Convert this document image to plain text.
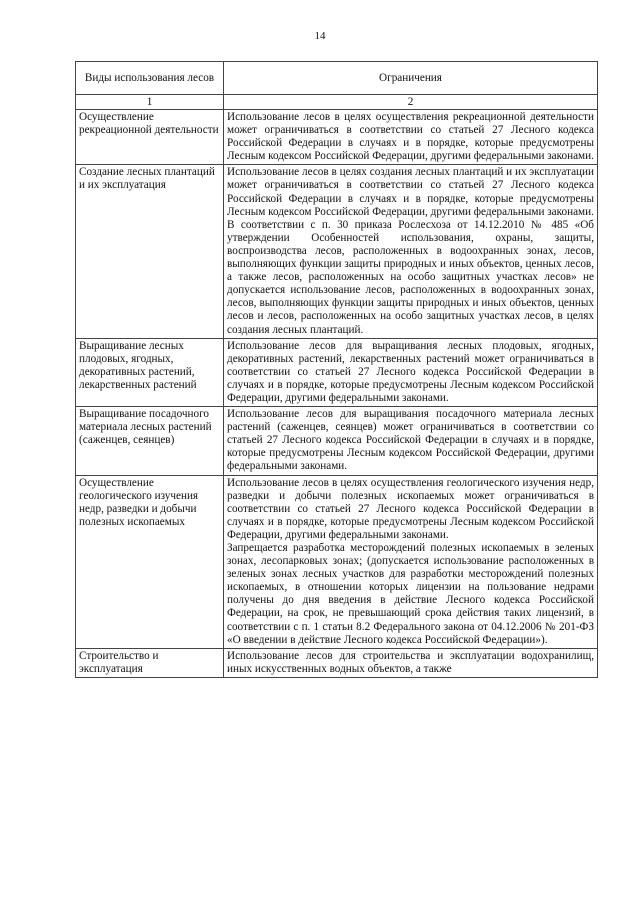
14
Виды использования лесов	Ограничения
1	2
Осуществление рекреационной деятельности	Использование лесов в целях осуществления рекреационной деятельности может ограничиваться в соответствии со статьей 27 Лесного кодекса Российской Федерации в случаях и в порядке, которые предусмотрены Лесным кодексом Российской Федерации, другими федеральными законами.

Создание лесных плантаций и их эксплуатация	Использование лесов в целях создания лесных плантаций и их эксплуатации может ограничиваться в соответствии со статьей 27 Лесного кодекса Российской Федерации в случаях и в порядке, которые предусмотрены Лесным кодексом Российской Федерации, другими федеральными законами.

В соответствии с п. 30 приказа Рослесхоза от 14.12.2010 № 485 «Об утверждении Особенностей использования, охраны, защиты, воспроизводства лесов, расположенных в водоохранных зонах, лесов, выполняющих функции защиты природных и иных объектов, ценных лесов, а также лесов, расположенных на особо защитных участках лесов» не допускается использование лесов, расположенных в водоохранных зонах, лесов, выполняющих функции защиты природных и иных объектов, ценных лесов и лесов, расположенных на особо защитных участках лесов, в целях создания лесных плантаций.

Выращивание лесных плодовых, ягодных, декоративных растений, лекарственных растений	Использование лесов для выращивания лесных плодовых, ягодных, декоративных растений, лекарственных растений может ограничиваться в соответствии со статьей 27 Лесного кодекса Российской Федерации в случаях и в порядке, которые предусмотрены Лесным кодексом Российской Федерации, другими федеральными законами.

Выращивание посадочного материала лесных растений (саженцев, сеянцев)	Использование лесов для выращивания посадочного материала лесных растений (саженцев, сеянцев) может ограничиваться в соответствии со статьей 27 Лесного кодекса Российской Федерации в случаях и в порядке, которые предусмотрены Лесным кодексом Российской Федерации, другими федеральными законами.

Осуществление геологического изучения недр, разведки и добычи полезных ископаемых	Использование лесов в целях осуществления геологического изучения недр, разведки и добычи полезных ископаемых может ограничиваться в соответствии со статьей 27 Лесного кодекса Российской Федерации в случаях и в порядке, которые предусмотрены Лесным кодексом Российской Федерации, другими федеральными законами.

Запрещается разработка месторождений полезных ископаемых в зеленых зонах, лесопарковых зонах; (допускается использование расположенных в зеленых зонах лесных участков для разработки месторождений полезных ископаемых, в отношении которых лицензии на пользование недрами получены до дня введения в действие Лесного кодекса Российской Федерации, на срок, не превышающий срока действия таких лицензий, в соответствии с п. 1 статьи 8.2 Федерального закона от 04.12.2006 № 201-ФЗ «О введении в действие Лесного кодекса Российской Федерации»).

Строительство и эксплуатация	Использование лесов для строительства и эксплуатации водохранилищ, иных искусственных водных объектов, а также
